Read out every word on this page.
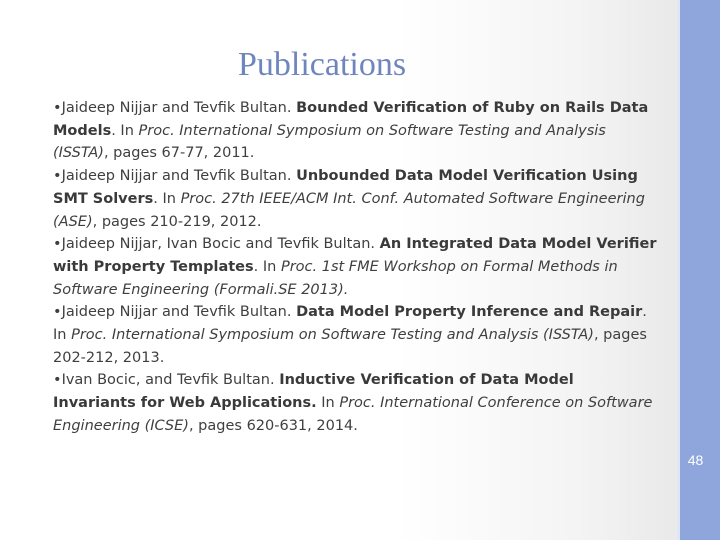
Publications
•Jaideep Nijjar and Tevfik Bultan. Bounded Verification of Ruby on Rails Data Models. In Proc. International Symposium on Software Testing and Analysis (ISSTA), pages 67-77, 2011.
•Jaideep Nijjar and Tevfik Bultan. Unbounded Data Model Verification Using SMT Solvers. In Proc. 27th IEEE/ACM Int. Conf. Automated Software Engineering (ASE), pages 210-219, 2012.
•Jaideep Nijjar, Ivan Bocic and Tevfik Bultan. An Integrated Data Model Verifier with Property Templates. In Proc. 1st FME Workshop on Formal Methods in Software Engineering (Formali.SE 2013).
•Jaideep Nijjar and Tevfik Bultan. Data Model Property Inference and Repair. In Proc. International Symposium on Software Testing and Analysis (ISSTA), pages 202-212, 2013.
•Ivan Bocic, and Tevfik Bultan. Inductive Verification of Data Model Invariants for Web Applications. In Proc. International Conference on Software Engineering (ICSE), pages 620-631, 2014.
48
